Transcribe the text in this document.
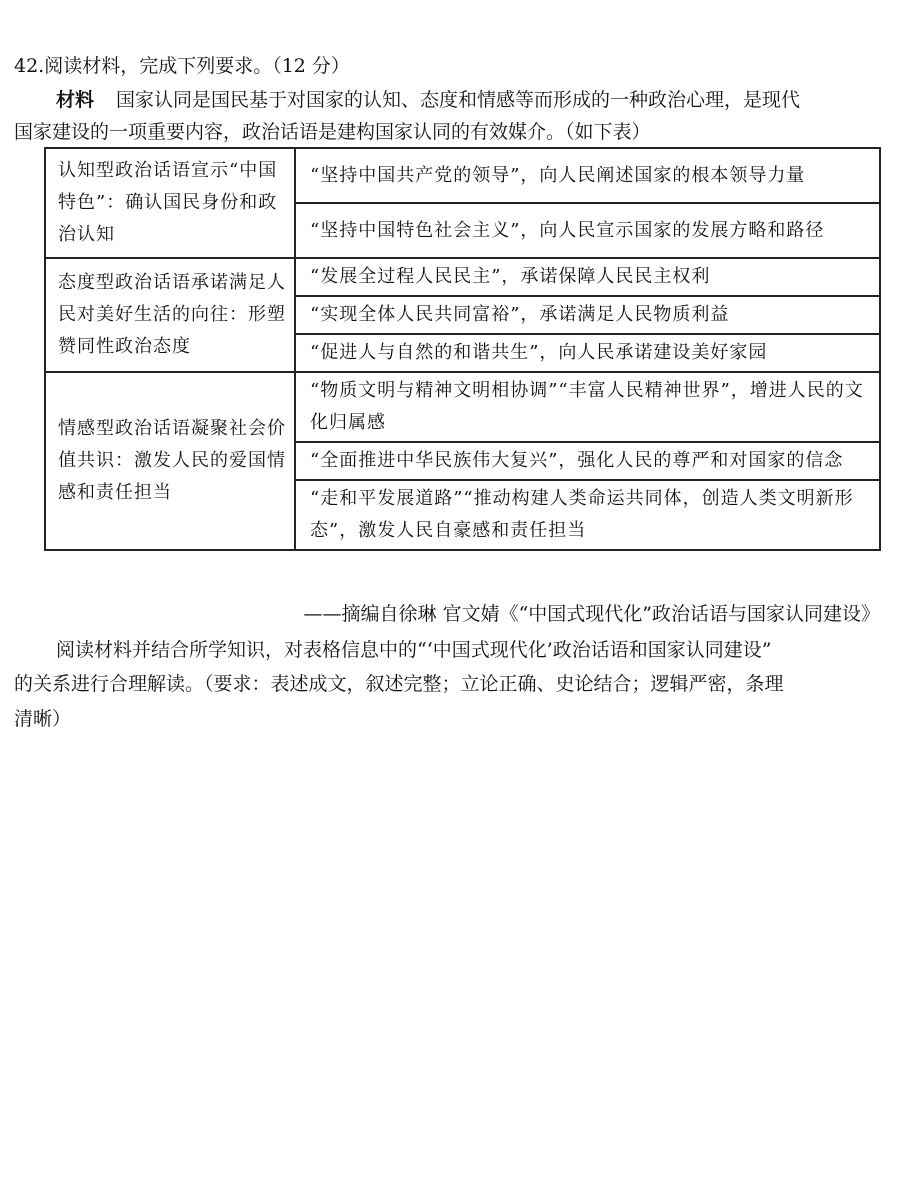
42.阅读材料，完成下列要求。（12 分）
材料 国家认同是国民基于对国家的认知、态度和情感等而形成的一种政治心理，是现代
国家建设的一项重要内容，政治话语是建构国家认同的有效媒介。（如下表）
认知型政治话语宣示“中国特色”：确认国民身份和政治认知	“坚持中国共产党的领导”，向人民阐述国家的根本领导力量
	“坚持中国特色社会主义”，向人民宣示国家的发展方略和路径
态度型政治话语承诺满足人民对美好生活的向往：形塑赞同性政治态度	“发展全过程人民民主”，承诺保障人民民主权利
	“实现全体人民共同富裕”，承诺满足人民物质利益
	“促进人与自然的和谐共生”，向人民承诺建设美好家园
情感型政治话语凝聚社会价值共识：激发人民的爱国情感和责任担当	“物质文明与精神文明相协调”“丰富人民精神世界”，增进人民的文化归属感
	“全面推进中华民族伟大复兴”，强化人民的尊严和对国家的信念
	“走和平发展道路”“推动构建人类命运共同体，创造人类文明新形态”，激发人民自豪感和责任担当
——摘编自徐琳 官文婧《“中国式现代化”政治话语与国家认同建设》
阅读材料并结合所学知识，对表格信息中的“‘中国式现代化’政治话语和国家认同建设”
的关系进行合理解读。（要求：表述成文，叙述完整；立论正确、史论结合；逻辑严密，条理
清晰）
